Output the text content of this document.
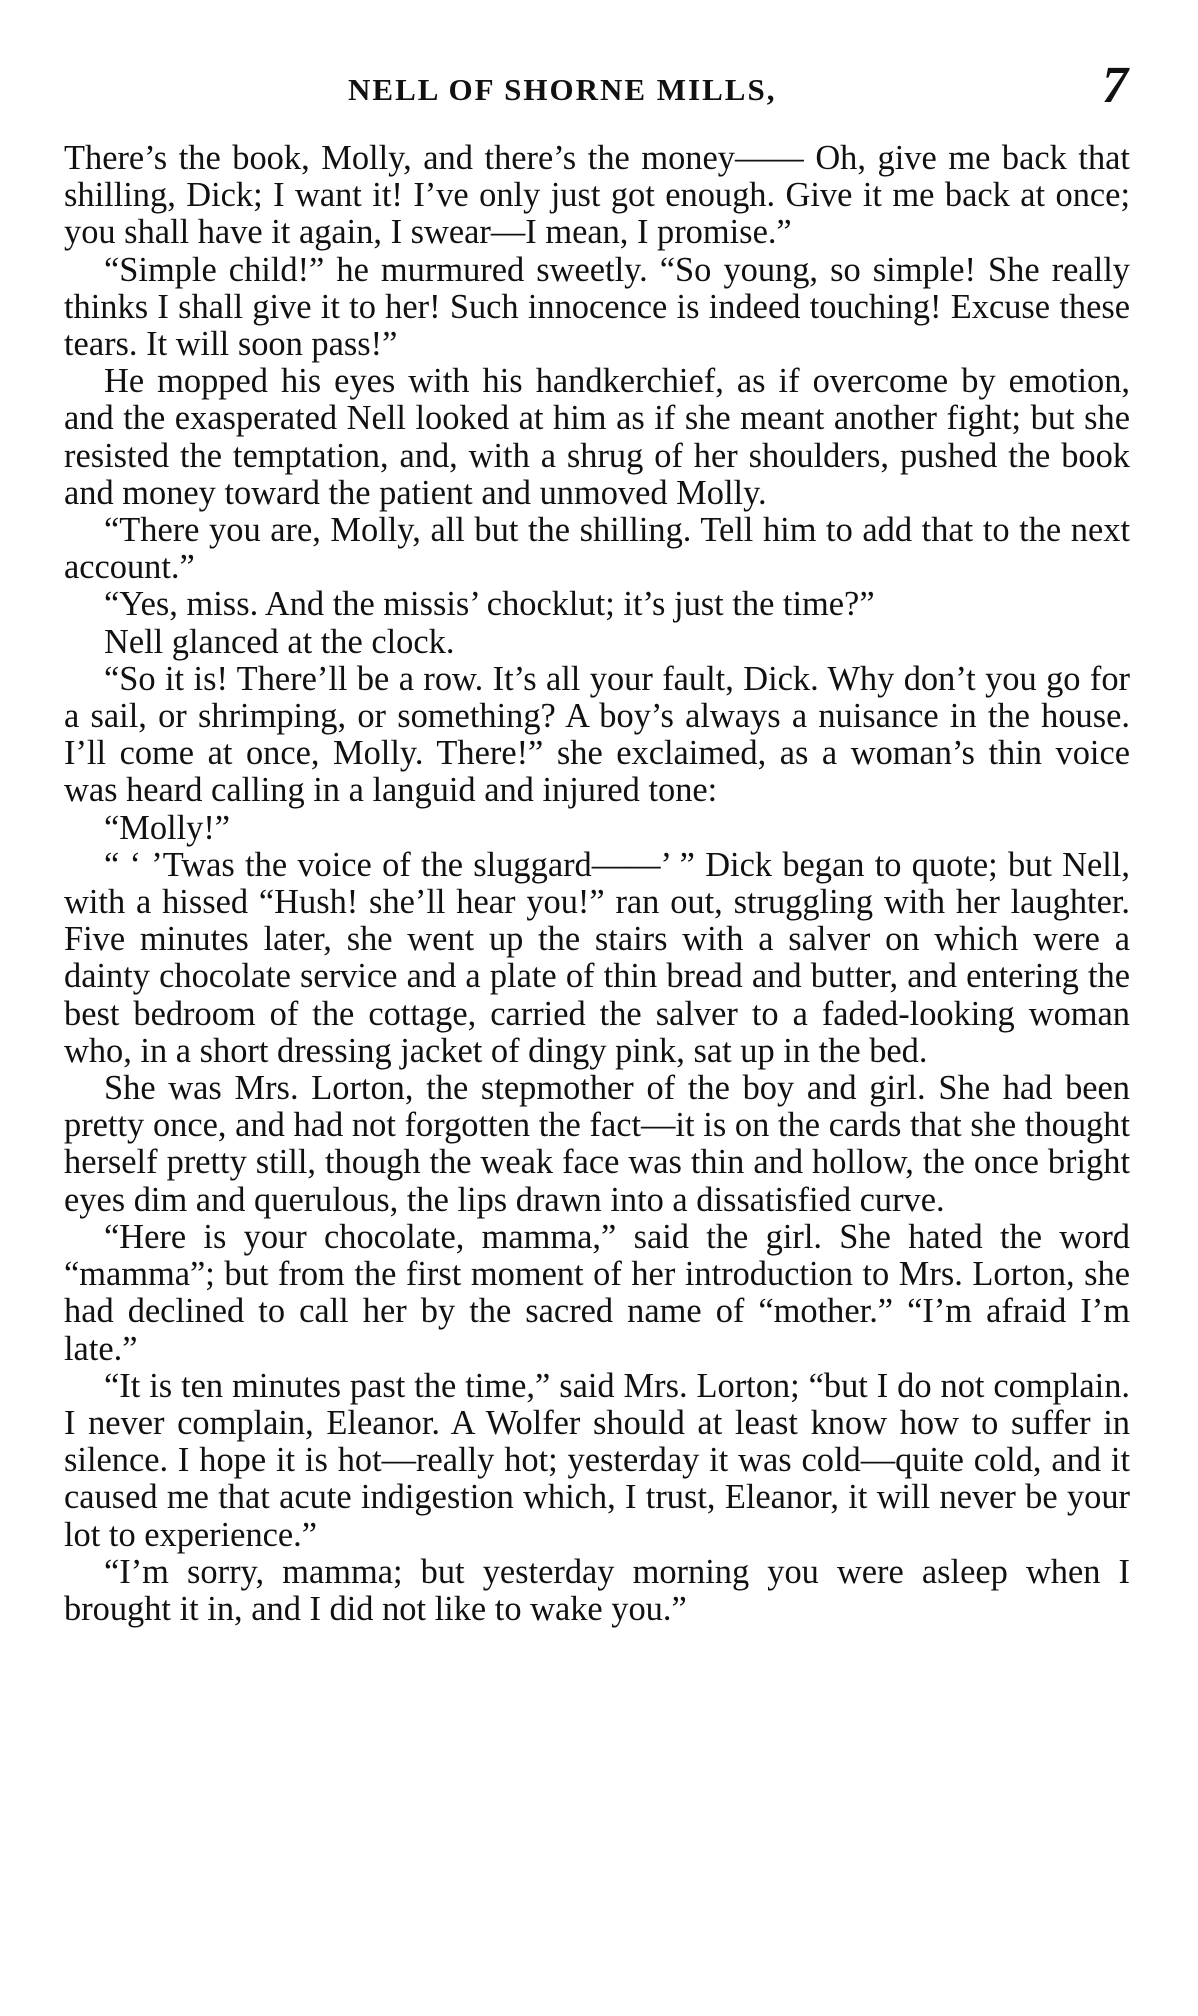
NELL OF SHORNE MILLS,	7

There’s the book, Molly, and there’s the money—— Oh, give me back that shilling, Dick; I want it! I’ve only just got enough. Give it me back at once; you shall have it again, I swear—I mean, I promise.”

“Simple child!” he murmured sweetly. “So young, so simple! She really thinks I shall give it to her! Such innocence is indeed touching! Excuse these tears. It will soon pass!”

He mopped his eyes with his handkerchief, as if overcome by emotion, and the exasperated Nell looked at him as if she meant another fight; but she resisted the temptation, and, with a shrug of her shoulders, pushed the book and money toward the patient and unmoved Molly.

“There you are, Molly, all but the shilling. Tell him to add that to the next account.”

“Yes, miss. And the missis’ chocklut; it’s just the time?”

Nell glanced at the clock.

“So it is! There’ll be a row. It’s all your fault, Dick. Why don’t you go for a sail, or shrimping, or something? A boy’s always a nuisance in the house. I’ll come at once, Molly. There!” she exclaimed, as a woman’s thin voice was heard calling in a languid and injured tone:

“Molly!”

“ ‘ ’Twas the voice of the sluggard——’ ” Dick began to quote; but Nell, with a hissed “Hush! she’ll hear you!” ran out, struggling with her laughter. Five minutes later, she went up the stairs with a salver on which were a dainty chocolate service and a plate of thin bread and butter, and entering the best bedroom of the cottage, carried the salver to a faded-looking woman who, in a short dressing jacket of dingy pink, sat up in the bed.

She was Mrs. Lorton, the stepmother of the boy and girl. She had been pretty once, and had not forgotten the fact—it is on the cards that she thought herself pretty still, though the weak face was thin and hollow, the once bright eyes dim and querulous, the lips drawn into a dissatisfied curve.

“Here is your chocolate, mamma,” said the girl. She hated the word “mamma”; but from the first moment of her introduction to Mrs. Lorton, she had declined to call her by the sacred name of “mother.” “I’m afraid I’m late.”

“It is ten minutes past the time,” said Mrs. Lorton; “but I do not complain. I never complain, Eleanor. A Wolfer should at least know how to suffer in silence. I hope it is hot—really hot; yesterday it was cold—quite cold, and it caused me that acute indigestion which, I trust, Eleanor, it will never be your lot to experience.”

“I’m sorry, mamma; but yesterday morning you were asleep when I brought it in, and I did not like to wake you.”
